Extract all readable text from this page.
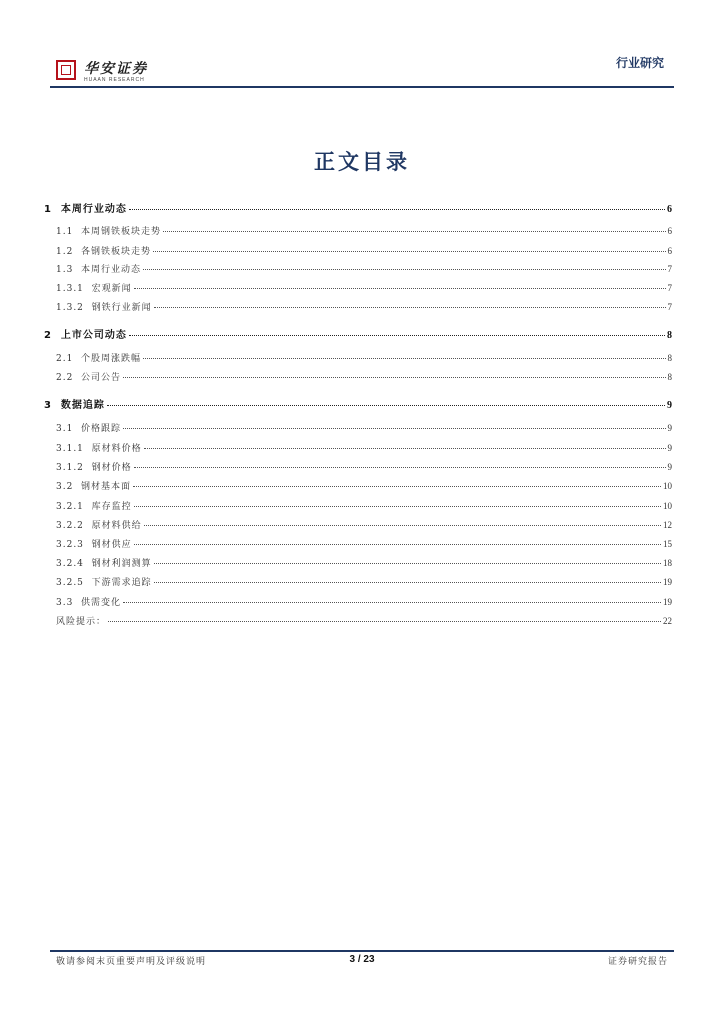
华安证券
HUAAN RESEARCH
行业研究
正文目录
1  本周行业动态	6
1.1  本周钢铁板块走势	6
1.2  各钢铁板块走势	6
1.3  本周行业动态	7
1.3.1  宏观新闻	7
1.3.2  钢铁行业新闻	7
2  上市公司动态	8
2.1  个股周涨跌幅	8
2.2  公司公告	8
3  数据追踪	9
3.1  价格跟踪	9
3.1.1  原材料价格	9
3.1.2  钢材价格	9
3.2  钢材基本面	10
3.2.1  库存监控	10
3.2.2  原材料供给	12
3.2.3  钢材供应	15
3.2.4  钢材利润测算	18
3.2.5  下游需求追踪	19
3.3  供需变化	19
风险提示：	22
敬请参阅末页重要声明及评级说明	3 / 23	证券研究报告
